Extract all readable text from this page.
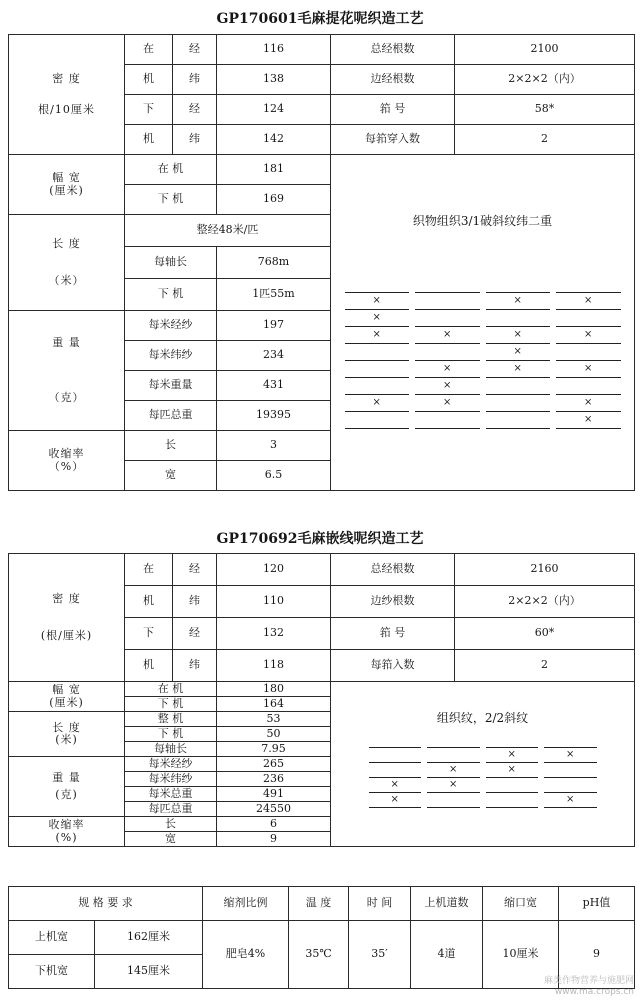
GP170601毛麻提花呢织造工艺
密 度
根/10厘米
	在	经	116	总经根数	2100
机	纬	138	边经根数	2×2×2（内）
下	经	124	筘 号	58*
机	纬	142	每筘穿入数	2

幅 宽
(厘米)
	在 机	181	
织物组织3/1破斜纹纬二重
×				×		×
×						
×		×		×		×
				×		
		×		×		×
		×				
×		×				×
						×

下 机	169

长 度
（米）
	整经48米/匹
每轴长	768m
下 机	1匹55m

重 量
（克）
	每米经纱	197
每米纬纱	234
每米重量	431
每匹总重	19395

收缩率
（%）
	长	3
宽	6.5
GP170692毛麻嵌线呢织造工艺
密 度
(根/厘米)
	在	经	120	总经根数	2160
机	纬	110	边纱根数	2×2×2（内）
下	经	132	筘 号	60*
机	纬	118	每筘入数	2

幅 宽
(厘米)
	在 机	180	
组织纹，2/2斜纹
				×		×
		×		×		
×		×				
×						×

下 机	164

长 度
(米)
	整 机	53
下 机	50
每轴长	7.95

重 量
(克)
	每米经纱	265
每米纬纱	236
每米总重	491
每匹总重	24550

收缩率
(%)
	长	6
宽	9
规 格 要 求		缩剂比例	温 度	时 间	上机道数	缩口宽	pH值
上机宽	162厘米	肥皂4%	35℃	35′	4道	10厘米	9
下机宽	145厘米						
麻类作物营养与施肥网
www.ma.crops.cn
